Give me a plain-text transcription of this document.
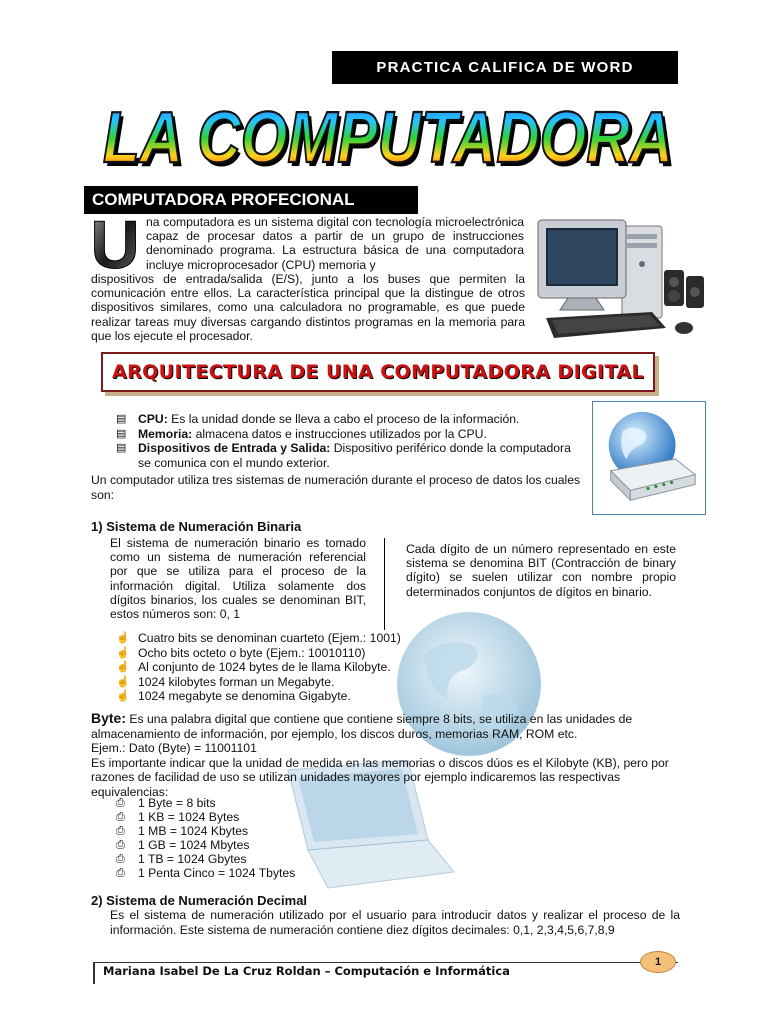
PRACTICA CALIFICA DE WORD
LA COMPUTADORA
LA COMPUTADORA
COMPUTADORA PROFECIONAL
U na computadora es un sistema digital con tecnología microelectrónica capaz de procesar datos a partir de un grupo de instrucciones denominado programa. La estructura básica de una computadora incluye microprocesador (CPU) memoria y
dispositivos de entrada/salida (E/S), junto a los buses que permiten la comunicación entre ellos. La característica principal que la distingue de otros dispositivos similares, como una calculadora no programable, es que puede realizar tareas muy diversas cargando distintos programas en la memoria para que los ejecute el procesador.
ARQUITECTURA DE UNA COMPUTADORA DIGITAL
▤ CPU: Es la unidad donde se lleva a cabo el proceso de la información.
▤ Memoria: almacena datos e instrucciones utilizados por la CPU.
▤ Dispositivos de Entrada y Salida: Dispositivo periférico donde la computadora se comunica con el mundo exterior.
Un computador utiliza tres sistemas de numeración durante el proceso de datos los cuales son:
1) Sistema de Numeración Binaria
El sistema de numeración binario es tomado como un sistema de numeración referencial por que se utiliza para el proceso de la información digital. Utiliza solamente dos dígitos binarios, los cuales se denominan BIT, estos números son: 0, 1
Cada dígito de un número representado en este sistema se denomina BIT (Contracción de binary dígito) se suelen utilizar con nombre propio determinados conjuntos de dígitos en binario.
☝ Cuatro bits se denominan cuarteto (Ejem.: 1001)
☝ Ocho bits octeto o byte (Ejem.: 10010110)
☝ Al conjunto de 1024 bytes de le llama Kilobyte.
☝ 1024 kilobytes forman un Megabyte.
☝ 1024 megabyte se denomina Gigabyte.
Byte: Es una palabra digital que contiene que contiene siempre 8 bits, se utiliza en las unidades de almacenamiento de información, por ejemplo, los discos duros, memorias RAM, ROM etc.
Ejem.: Dato (Byte) = 11001101
Es importante indicar que la unidad de medida en las memorias o discos dúos es el Kilobyte (KB), pero por razones de facilidad de uso se utilizan unidades mayores por ejemplo indicaremos las respectivas equivalencias:
⎙ 1 Byte = 8 bits
⎙ 1 KB = 1024 Bytes
⎙ 1 MB = 1024 Kbytes
⎙ 1 GB = 1024 Mbytes
⎙ 1 TB = 1024 Gbytes
⎙ 1 Penta Cinco = 1024 Tbytes
2) Sistema de Numeración Decimal
Es el sistema de numeración utilizado por el usuario para introducir datos y realizar el proceso de la información. Este sistema de numeración contiene diez dígitos decimales: 0,1, 2,3,4,5,6,7,8,9
Mariana Isabel De La Cruz Roldan – Computación e Informática
1
